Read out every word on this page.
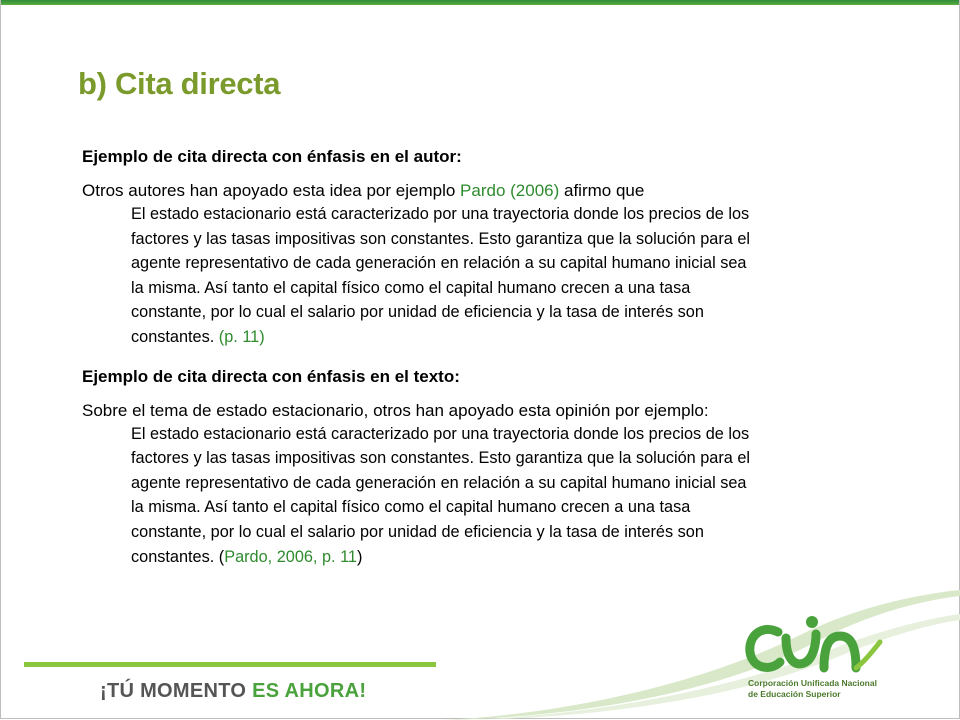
b) Cita directa

Ejemplo de cita directa con énfasis en el autor:

Otros autores han apoyado esta idea por ejemplo Pardo (2006) afirmo que

El estado estacionario está caracterizado por una trayectoria donde los precios de los
factores y las tasas impositivas son constantes. Esto garantiza que la solución para el
agente representativo de cada generación en relación a su capital humano inicial sea
la misma. Así tanto el capital físico como el capital humano crecen a una tasa
constante, por lo cual el salario por unidad de eficiencia y la tasa de interés son
constantes. (p. 11)

Ejemplo de cita directa con énfasis en el texto:

Sobre el tema de estado estacionario, otros han apoyado esta opinión por ejemplo:

El estado estacionario está caracterizado por una trayectoria donde los precios de los
factores y las tasas impositivas son constantes. Esto garantiza que la solución para el
agente representativo de cada generación en relación a su capital humano inicial sea
la misma. Así tanto el capital físico como el capital humano crecen a una tasa
constante, por lo cual el salario por unidad de eficiencia y la tasa de interés son
constantes. (Pardo, 2006, p. 11)
¡TÚ MOMENTO ES AHORA!	Corporación Unificada Nacional
de Educación Superior
